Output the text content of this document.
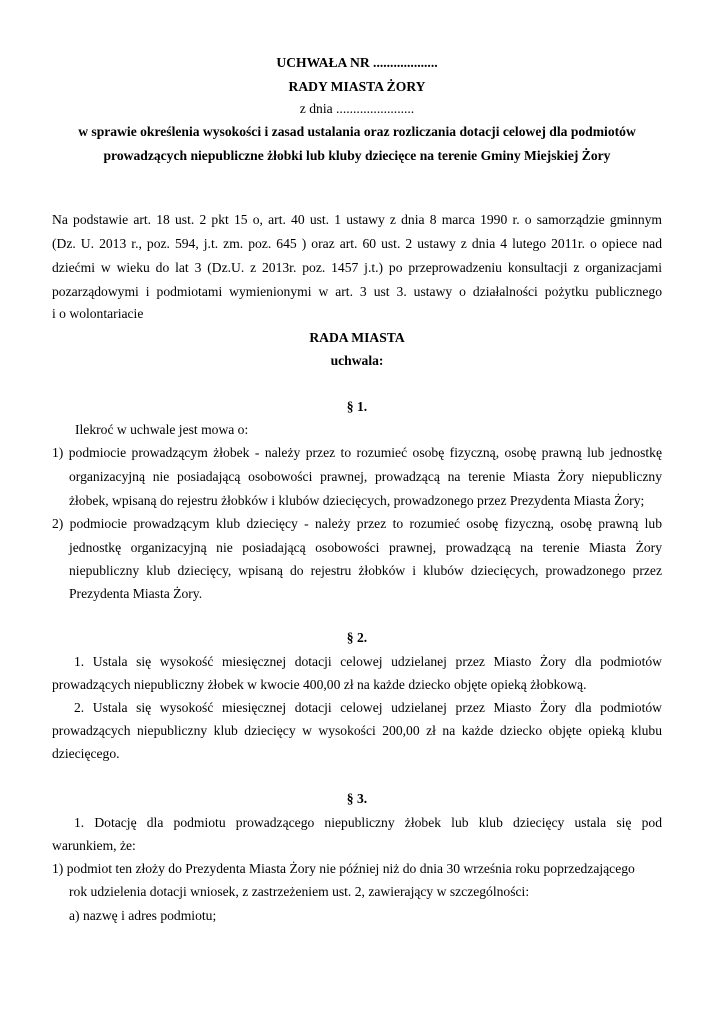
UCHWAŁA NR ...................
RADY MIASTA ŻORY
z dnia .......................
w sprawie określenia wysokości i zasad ustalania oraz rozliczania dotacji celowej dla podmiotów
prowadzących niepubliczne żłobki lub kluby dziecięce na terenie Gminy Miejskiej Żory
Na podstawie art. 18 ust. 2 pkt 15 o, art. 40 ust. 1 ustawy z dnia 8 marca 1990 r. o samorządzie gminnym
(Dz. U. 2013 r., poz. 594, j.t. zm. poz. 645 ) oraz art. 60 ust. 2 ustawy z dnia 4 lutego 2011r. o opiece nad
dziećmi w wieku do lat 3 (Dz.U. z 2013r. poz. 1457 j.t.) po przeprowadzeniu konsultacji z organizacjami
pozarządowymi i podmiotami wymienionymi w art. 3 ust 3. ustawy o działalności pożytku publicznego
i o wolontariacie
RADA MIASTA
uchwala:
§ 1.
Ilekroć w uchwale jest mowa o:
1) podmiocie prowadzącym żłobek - należy przez to rozumieć osobę fizyczną, osobę prawną lub jednostkę
organizacyjną nie posiadającą osobowości prawnej, prowadzącą na terenie Miasta Żory niepubliczny
żłobek, wpisaną do rejestru żłobków i klubów dziecięcych, prowadzonego przez Prezydenta Miasta Żory;
2) podmiocie prowadzącym klub dziecięcy - należy przez to rozumieć osobę fizyczną, osobę prawną lub
jednostkę organizacyjną nie posiadającą osobowości prawnej, prowadzącą na terenie Miasta Żory
niepubliczny klub dziecięcy, wpisaną do rejestru żłobków i klubów dziecięcych, prowadzonego przez
Prezydenta Miasta Żory.
§ 2.
1. Ustala się wysokość miesięcznej dotacji celowej udzielanej przez Miasto Żory dla podmiotów
prowadzących niepubliczny żłobek w kwocie 400,00 zł na każde dziecko objęte opieką żłobkową.
2. Ustala się wysokość miesięcznej dotacji celowej udzielanej przez Miasto Żory dla podmiotów
prowadzących niepubliczny klub dziecięcy w wysokości 200,00 zł na każde dziecko objęte opieką klubu
dziecięcego.
§ 3.
1. Dotację dla podmiotu prowadzącego niepubliczny żłobek lub klub dziecięcy ustala się pod
warunkiem, że:
1) podmiot ten złoży do Prezydenta Miasta Żory nie później niż do dnia 30 września roku poprzedzającego
rok udzielenia dotacji wniosek, z zastrzeżeniem ust. 2, zawierający w szczególności:
a) nazwę i adres podmiotu;
